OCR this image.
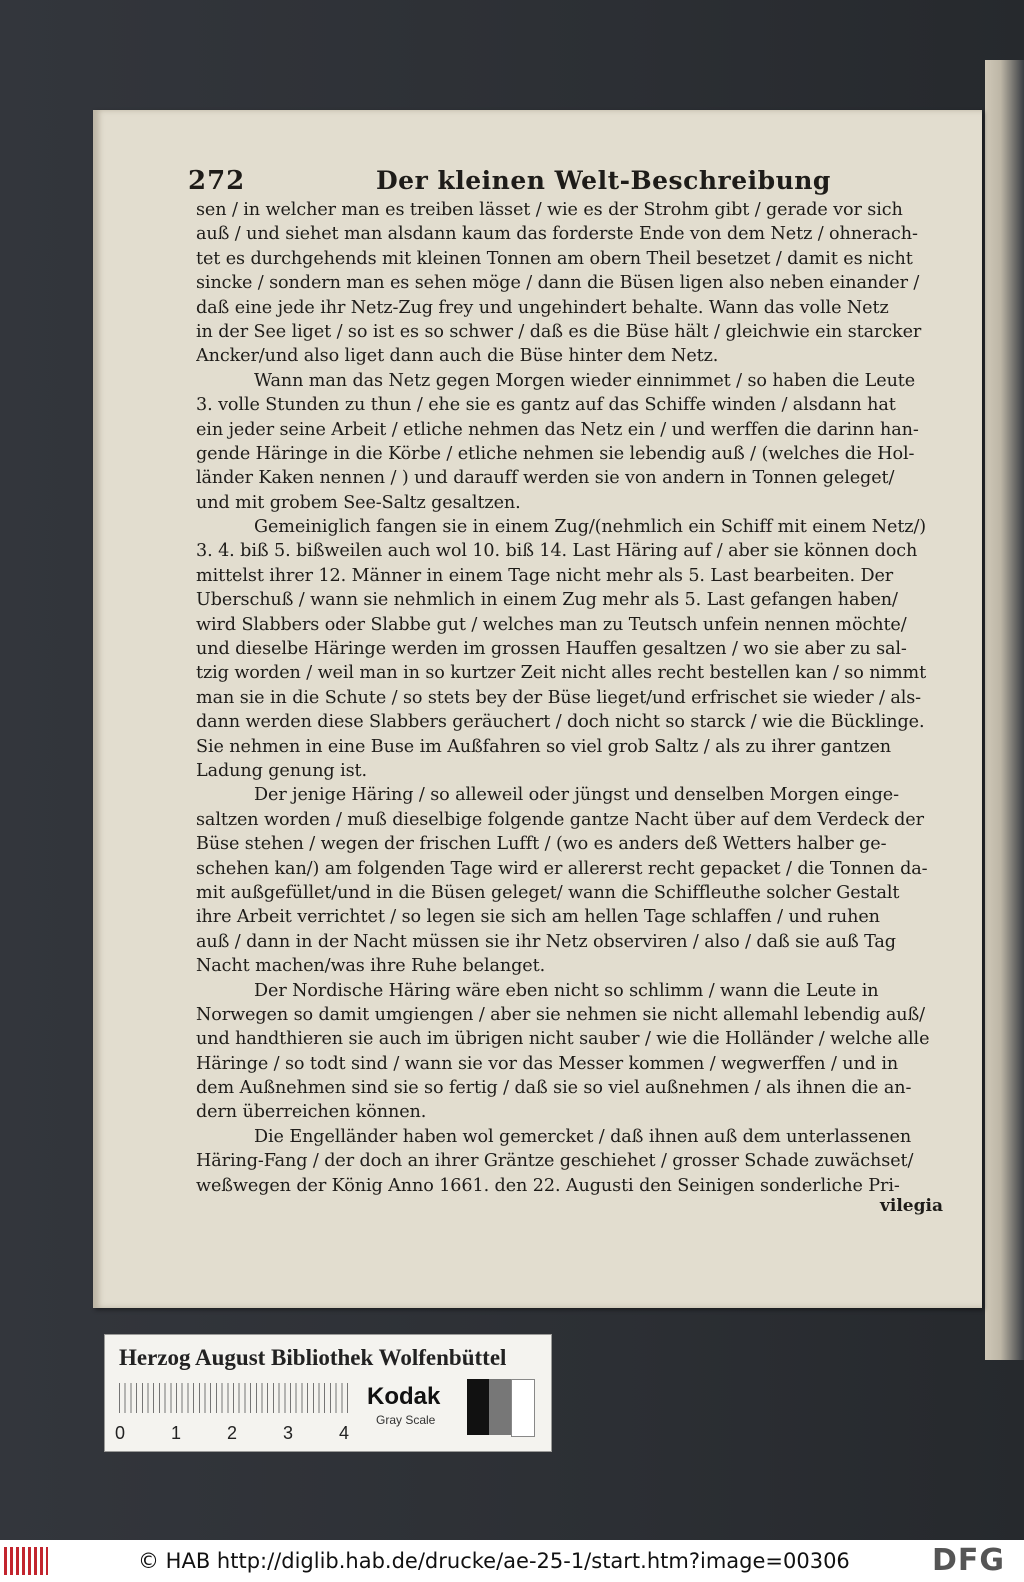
272	Der kleinen Welt-Beschreibung
sen / in welcher man es treiben lässet / wie es der Strohm gibt / gerade vor sich
auß / und siehet man alsdann kaum das forderste Ende von dem Netz / ohnerach-
tet es durchgehends mit kleinen Tonnen am obern Theil besetzet / damit es nicht
sincke / sondern man es sehen möge / dann die Büsen ligen also neben einander /
daß eine jede ihr Netz-Zug frey und ungehindert behalte. Wann das volle Netz
in der See liget / so ist es so schwer / daß es die Büse hält / gleichwie ein starcker
Ancker/und also liget dann auch die Büse hinter dem Netz.
Wann man das Netz gegen Morgen wieder einnimmet / so haben die Leute
3. volle Stunden zu thun / ehe sie es gantz auf das Schiffe winden / alsdann hat
ein jeder seine Arbeit / etliche nehmen das Netz ein / und werffen die darinn han-
gende Häringe in die Körbe / etliche nehmen sie lebendig auß / (welches die Hol-
länder Kaken nennen / ) und darauff werden sie von andern in Tonnen geleget/
und mit grobem See-Saltz gesaltzen.
Gemeiniglich fangen sie in einem Zug/(nehmlich ein Schiff mit einem Netz/)
3. 4. biß 5. bißweilen auch wol 10. biß 14. Last Häring auf / aber sie können doch
mittelst ihrer 12. Männer in einem Tage nicht mehr als 5. Last bearbeiten. Der
Uberschuß / wann sie nehmlich in einem Zug mehr als 5. Last gefangen haben/
wird Slabbers oder Slabbe gut / welches man zu Teutsch unfein nennen möchte/
und dieselbe Häringe werden im grossen Hauffen gesaltzen / wo sie aber zu sal-
tzig worden / weil man in so kurtzer Zeit nicht alles recht bestellen kan / so nimmt
man sie in die Schute / so stets bey der Büse lieget/und erfrischet sie wieder / als-
dann werden diese Slabbers geräuchert / doch nicht so starck / wie die Bücklinge.
Sie nehmen in eine Buse im Außfahren so viel grob Saltz / als zu ihrer gantzen
Ladung genung ist.
Der jenige Häring / so alleweil oder jüngst und denselben Morgen einge-
saltzen worden / muß dieselbige folgende gantze Nacht über auf dem Verdeck der
Büse stehen / wegen der frischen Lufft / (wo es anders deß Wetters halber ge-
schehen kan/) am folgenden Tage wird er allererst recht gepacket / die Tonnen da-
mit außgefüllet/und in die Büsen geleget/ wann die Schiffleuthe solcher Gestalt
ihre Arbeit verrichtet / so legen sie sich am hellen Tage schlaffen / und ruhen
auß / dann in der Nacht müssen sie ihr Netz observiren / also / daß sie auß Tag
Nacht machen/was ihre Ruhe belanget.
Der Nordische Häring wäre eben nicht so schlimm / wann die Leute in
Norwegen so damit umgiengen / aber sie nehmen sie nicht allemahl lebendig auß/
und handthieren sie auch im übrigen nicht sauber / wie die Holländer / welche alle
Häringe / so todt sind / wann sie vor das Messer kommen / wegwerffen / und in
dem Außnehmen sind sie so fertig / daß sie so viel außnehmen / als ihnen die an-
dern überreichen können.
Die Engelländer haben wol gemercket / daß ihnen auß dem unterlassenen
Häring-Fang / der doch an ihrer Gräntze geschiehet / grosser Schade zuwächset/
weßwegen der König Anno 1661. den 22. Augusti den Seinigen sonderliche Pri-
vilegia
Herzog August Bibliothek Wolfenbüttel
0	1	2	3	4
Kodak
Gray Scale
© HAB http://diglib.hab.de/drucke/ae-25-1/start.htm?image=00306	DFG
